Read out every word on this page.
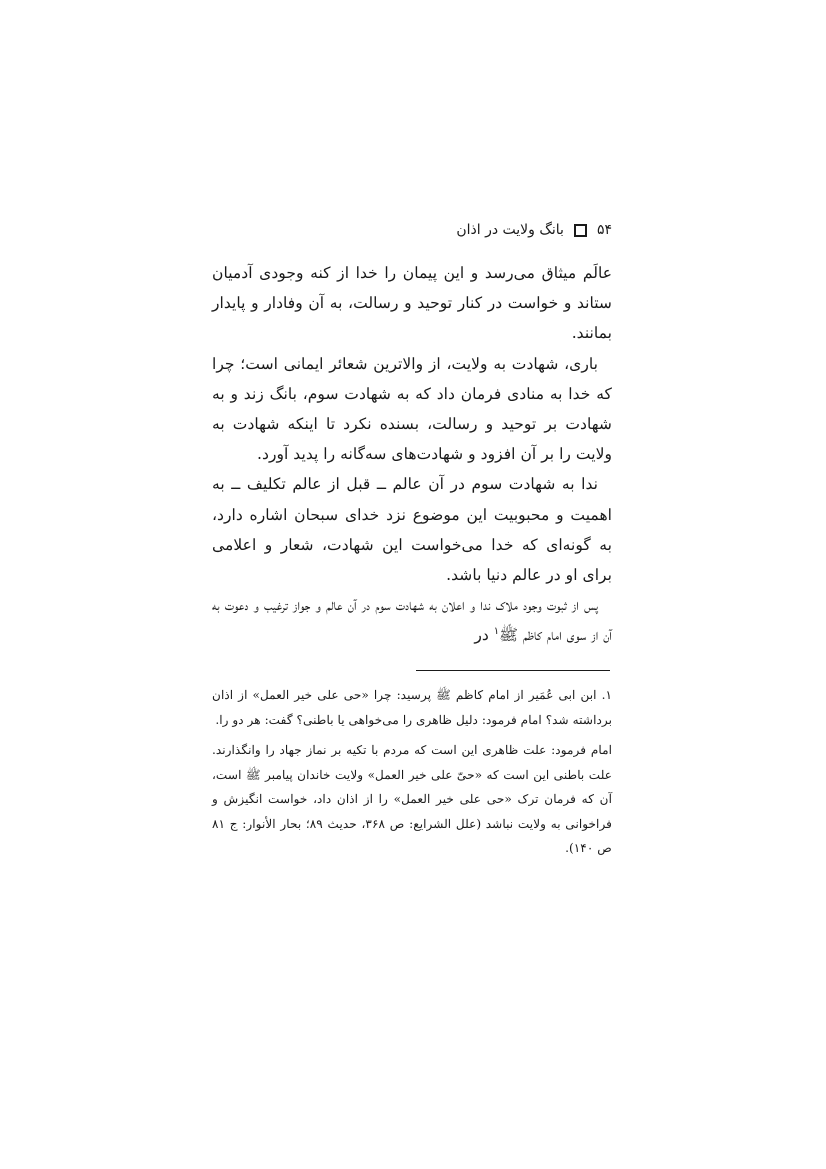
۵۴
بانگ ولایت در اذان

عالَم میثاق می‌رسد و این پیمان را خدا از کنه وجودی آدمیان ستاند و خواست در کنار توحید و رسالت، به آن وفادار و پایدار بمانند.

باری، شهادت به ولایت، از والاترین شعائر ایمانی است؛ چرا که خدا به منادی فرمان داد که به شهادت سوم، بانگ زند و به شهادت بر توحید و رسالت، بسنده نکرد تا اینکه شهادت به ولایت را بر آن افزود و شهادت‌های سه‌گانه را پدید آورد.

ندا به شهادت سوم در آن عالم ــ قبل از عالم تکلیف ــ به اهمیت و محبوبیت این موضوع نزد خدای سبحان اشاره دارد، به گونه‌ای که خدا می‌خواست این شهادت، شعار و اعلامی برای او در عالم دنیا باشد.

پس از ثبوت وجود ملاک ندا و اعلان به شهادت سوم در آن عالم و جواز ترغیب و دعوت به آن از سوی امام کاظم ﷺ$^۱$ در

۱. ابن ابی عُمَیر از امام کاظم ﷺ پرسید: چرا «حی علی خیر العمل» از اذان برداشته شد؟ امام فرمود: دلیل ظاهری را می‌خواهی یا باطنی؟ گفت: هر دو را.

امام فرمود: علت ظاهری این است که مردم با تکیه بر نماز جهاد را وانگذارند. علت باطنی این است که «حیّ علی خیر العمل» ولایت خاندان پیامبر ﷺ است، آن که فرمان ترک «حی علی خیر العمل» را از اذان داد، خواست انگیزش و فراخوانی به ولایت نباشد (علل الشرایع: ص ۳۶۸، حدیث ۸۹؛ بحار الأنوار: ج ۸۱ ص ۱۴۰).
